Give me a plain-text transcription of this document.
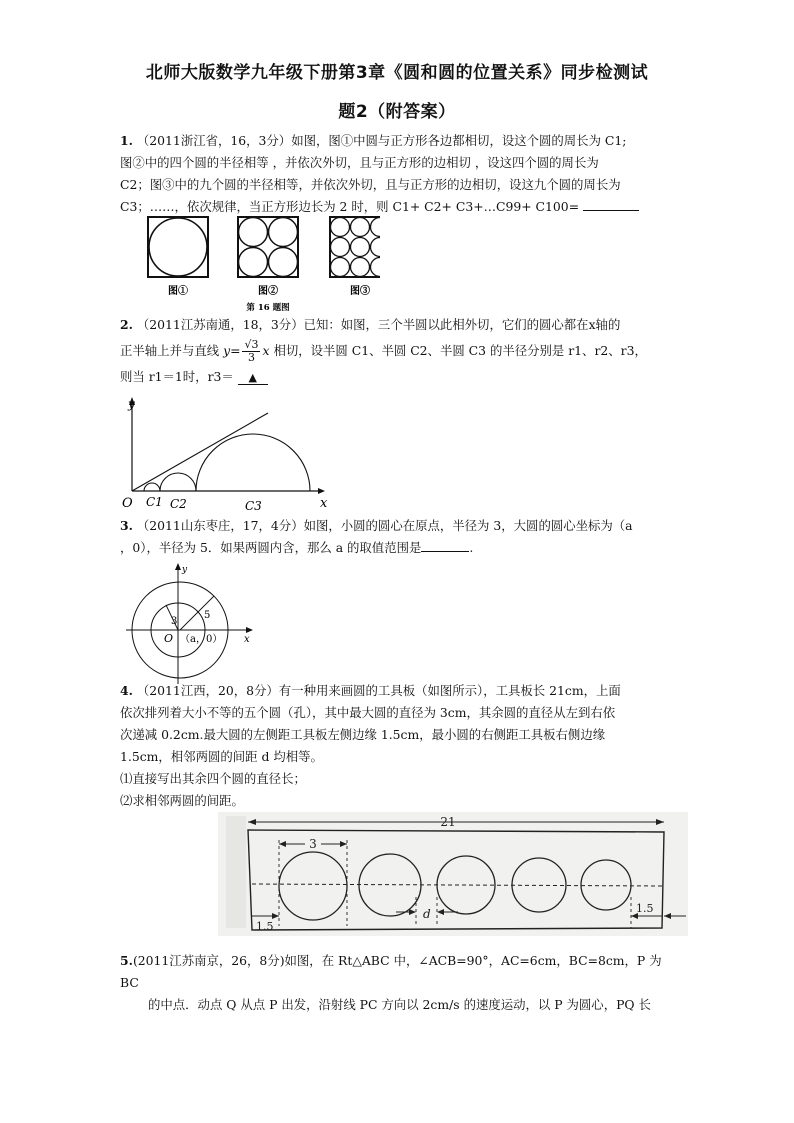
北师大版数学九年级下册第3章《圆和圆的位置关系》同步检测试
题2（附答案）

1. （2011浙江省，16，3分）如图，图①中圆与正方形各边都相切，设这个圆的周长为 C1;

图②中的四个圆的半径相等 ，并依次外切，且与正方形的边相切 ，设这四个圆的周长为

C2；图③中的九个圆的半径相等，并依次外切，且与正方形的边相切，设这九个圆的周长为

C3；……，依次规律，当正方形边长为 2 时，则 C1+ C2+ C3+…C99+ C100=

图①	图②	图③
第 16 题图

2. （2011江苏南通，18，3分）已知：如图，三个半圆以此相外切，它们的圆心都在x轴的

正半轴上并与直线 $y= \frac{√3}{3}$ x 相切，设半圆 C1、半圆 C2、半圆 C3 的半径分别是 r1、r2、r3，

则当 r1＝1时，r3＝ ▲

y
x
O C1 C2	C3

3. （2011山东枣庄，17，4分）如图，小圆的圆心在原点，半径为 3，大圆的圆心坐标为（a

，0），半径为 5．如果两圆内含，那么 a 的取值范围是	.

3
5
O （a，0）
y
x

4. （2011江西，20，8分）有一种用来画圆的工具板（如图所示），工具板长 21cm，上面

依次排列着大小不等的五个圆（孔），其中最大圆的直径为 3cm，其余圆的直径从左到右依

次递减 0.2cm.最大圆的左侧距工具板左侧边缘 1.5cm，最小圆的右侧距工具板右侧边缘

1.5cm，相邻两圆的间距 d 均相等。

⑴直接写出其余四个圆的直径长；

⑵求相邻两圆的间距。

21
3
1.5
d	1.5

5.(2011江苏南京，26，8分)如图，在 Rt△ABC 中，∠ACB=90°，AC=6cm，BC=8cm，P 为 BC

的中点．动点 Q 从点 P 出发，沿射线 PC 方向以 2cm/s 的速度运动，以 P 为圆心，PQ 长
